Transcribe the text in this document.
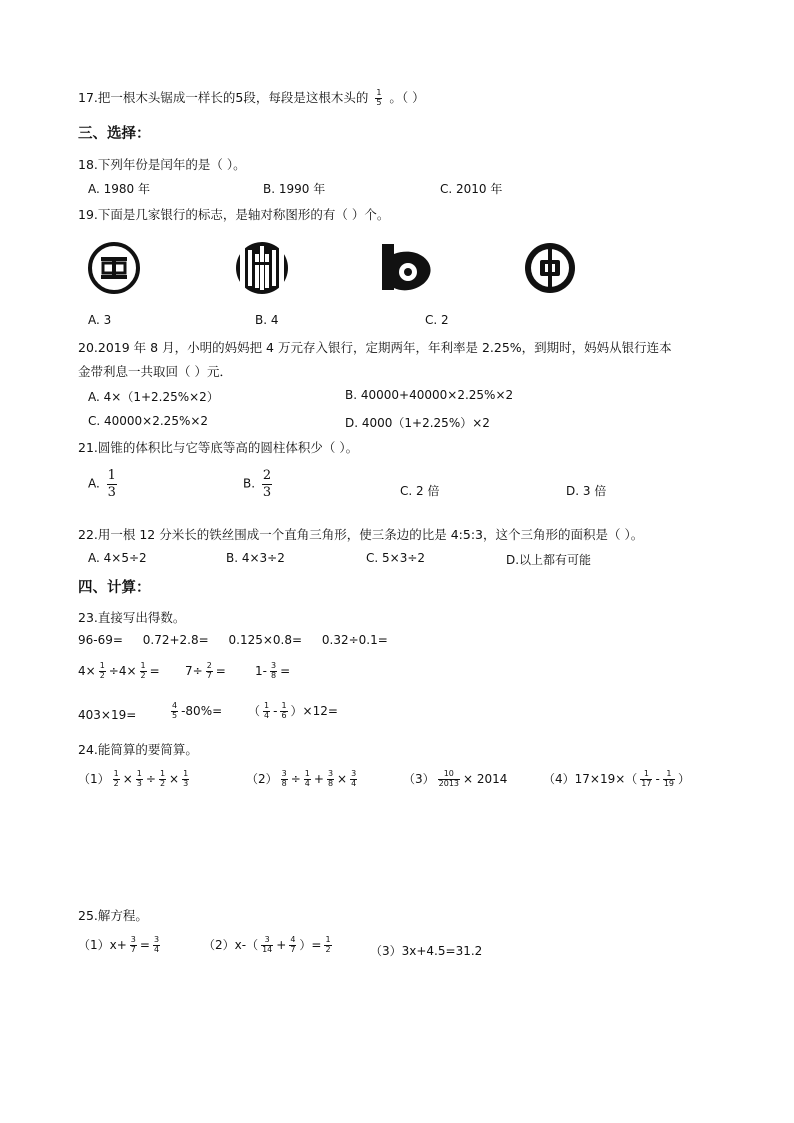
17.把一根木头锯成一样长的5段，每段是这根木头的 $\frac{1}{5}$ 。（ ）
三、选择：
18.下列年份是闰年的是（ ）。
A. 1980 年	B. 1990 年	C. 2010 年
19.下面是几家银行的标志，是轴对称图形的有（ ）个。
A. 3	B. 4	C. 2
20.2019 年 8 月，小明的妈妈把 4 万元存入银行，定期两年，年利率是 2.25%，到期时，妈妈从银行连本
金带利息一共取回（ ）元．
A. 4×（1+2.25%×2）	B. 40000+40000×2.25%×2
C. 40000×2.25%×2	D. 4000（1+2.25%）×2
21.圆锥的体积比与它等底等高的圆柱体积少（ ）。
A. $\frac{1}{3}$	B. $\frac{2}{3}$	C. 2 倍	D. 3 倍
22.用一根 12 分米长的铁丝围成一个直角三角形，使三条边的比是 4:5:3，这个三角形的面积是（ ）。
A. 4×5÷2	B. 4×3÷2	C. 5×3÷2	D.以上都有可能
四、计算：
23.直接写出得数。
96-69= 0.72+2.8= 0.125×0.8= 0.32÷0.1=
$4\times \frac{1}{2} \div 4\times \frac{1}{2} = 7\div \frac{2}{7} = 1- \frac{3}{8}$ =
403×19=	$\frac{4}{5} -80\%=$ （ $\frac{1}{4} - \frac{1}{6} )\times 12=$
24.能简算的要简算。
$(1) \frac{1}{2} \times \frac{1}{3} \div \frac{1}{2} \times \frac{1}{3}$	$(2) \frac{3}{8} \div \frac{1}{4} + \frac{3}{8} \times \frac{3}{4}$	$(3) \frac{10}{2013} \times 2014$	$(4)17\times 19\times( \frac{1}{17} - \frac{1}{19}$ ）
25.解方程。
$(1)x+ \frac{3}{7} = \frac{3}{4}$	$(2)x-( \frac{3}{14} + \frac{4}{7}$ ）= $\frac{1}{2}$	（3）3x+4.5=31.2
